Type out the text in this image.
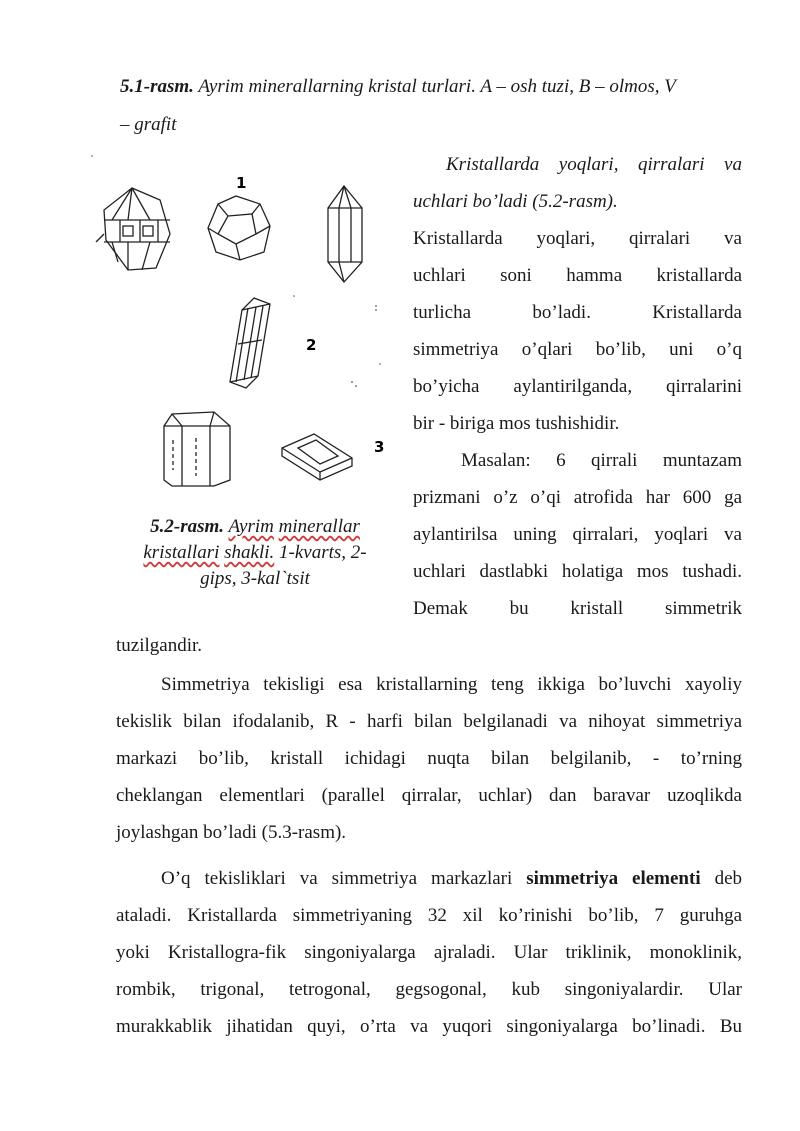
5.1-rasm. Ayrim minerallarning kristal turlari. A – osh tuzi, B – olmos, V
– grafit
1
2
3
5.2-rasm. Ayrim minerallar
kristallari shakli. 1-kvarts, 2-
gips, 3-kal`tsit
Kristallarda yoqlari, qirralari va
uchlari bo’ladi (5.2-rasm).
Kristallarda yoqlari, qirralari va
uchlari soni hamma kristallarda
turlicha bo’ladi. Kristallarda
simmetriya o’qlari bo’lib, uni o’q
bo’yicha aylantirilganda, qirralarini
bir - biriga mos tushishidir.
Masalan: 6 qirrali muntazam
prizmani o’z o’qi atrofida har 600 ga
aylantirilsa uning qirralari, yoqlari va
uchlari dastlabki holatiga mos tushadi.
Demak bu kristall simmetrik
tuzilgandir.
Simmetriya tekisligi esa kristallarning teng ikkiga bo’luvchi xayoliy
tekislik bilan ifodalanib, R - harfi bilan belgilanadi va nihoyat simmetriya
markazi bo’lib, kristall ichidagi nuqta bilan belgilanib, - to’rning
cheklangan elementlari (parallel qirralar, uchlar) dan baravar uzoqlikda
joylashgan bo’ladi (5.3-rasm).
O’q tekisliklari va simmetriya markazlari simmetriya elementi deb
ataladi. Kristallarda simmetriyaning 32 xil ko’rinishi bo’lib, 7 guruhga
yoki Kristallogra-fik singoniyalarga ajraladi. Ular triklinik, monoklinik,
rombik, trigonal, tetrogonal, gegsogonal, kub singoniyalardir. Ular
murakkablik jihatidan quyi, o’rta va yuqori singoniyalarga bo’linadi. Bu
